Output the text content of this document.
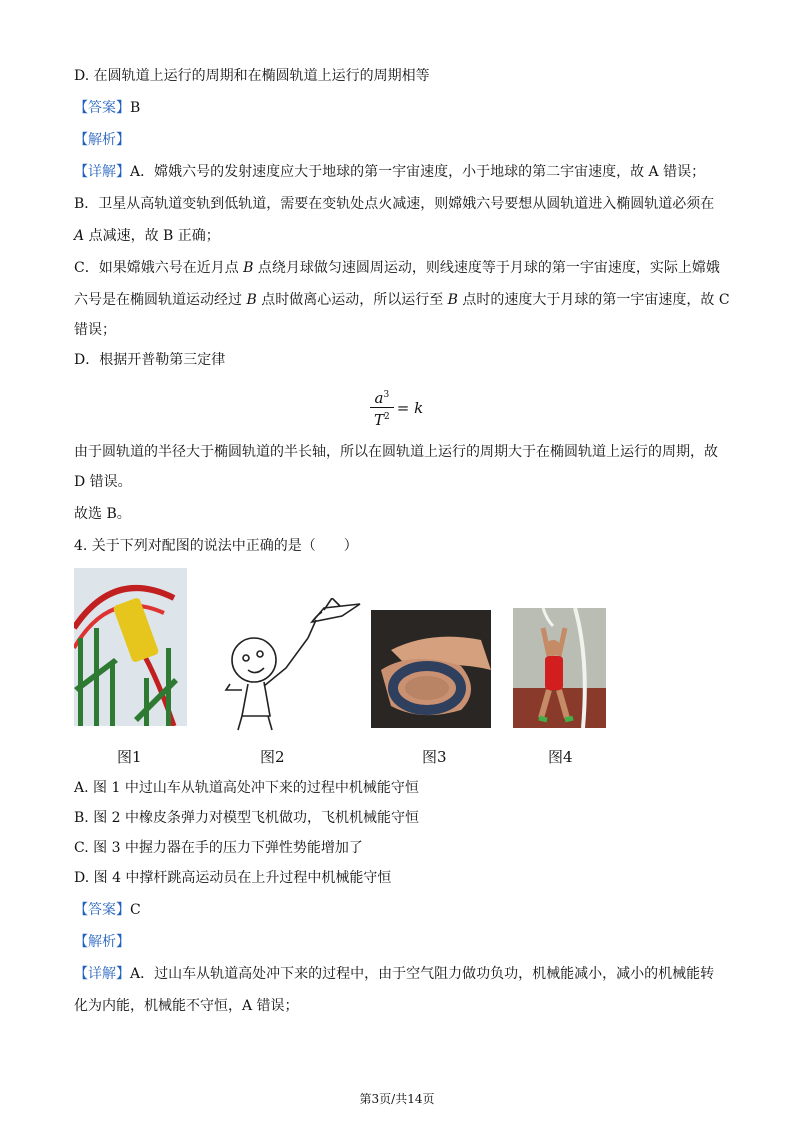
D. 在圆轨道上运行的周期和在椭圆轨道上运行的周期相等
【答案】B
【解析】
【详解】A．嫦娥六号的发射速度应大于地球的第一宇宙速度，小于地球的第二宇宙速度，故 A 错误；
B．卫星从高轨道变轨到低轨道，需要在变轨处点火减速，则嫦娥六号要想从圆轨道进入椭圆轨道必须在
A 点减速，故 B 正确；
C．如果嫦娥六号在近月点 B 点绕月球做匀速圆周运动，则线速度等于月球的第一宇宙速度，实际上嫦娥
六号是在椭圆轨道运动经过 B 点时做离心运动，所以运行至 B 点时的速度大于月球的第一宇宙速度，故 C
错误；
D．根据开普勒第三定律
$\frac{a^3}{T^2} = k$
由于圆轨道的半径大于椭圆轨道的半长轴，所以在圆轨道上运行的周期大于在椭圆轨道上运行的周期，故
D 错误。
故选 B。
4. 关于下列对配图的说法中正确的是（　　）
图1	图2	图3	图4
A. 图 1 中过山车从轨道高处冲下来的过程中机械能守恒
B. 图 2 中橡皮条弹力对模型飞机做功，飞机机械能守恒
C. 图 3 中握力器在手的压力下弹性势能增加了
D. 图 4 中撑杆跳高运动员在上升过程中机械能守恒
【答案】C
【解析】
【详解】A．过山车从轨道高处冲下来的过程中，由于空气阻力做功负功，机械能减小，减小的机械能转
化为内能，机械能不守恒，A 错误；
第3页/共14页
